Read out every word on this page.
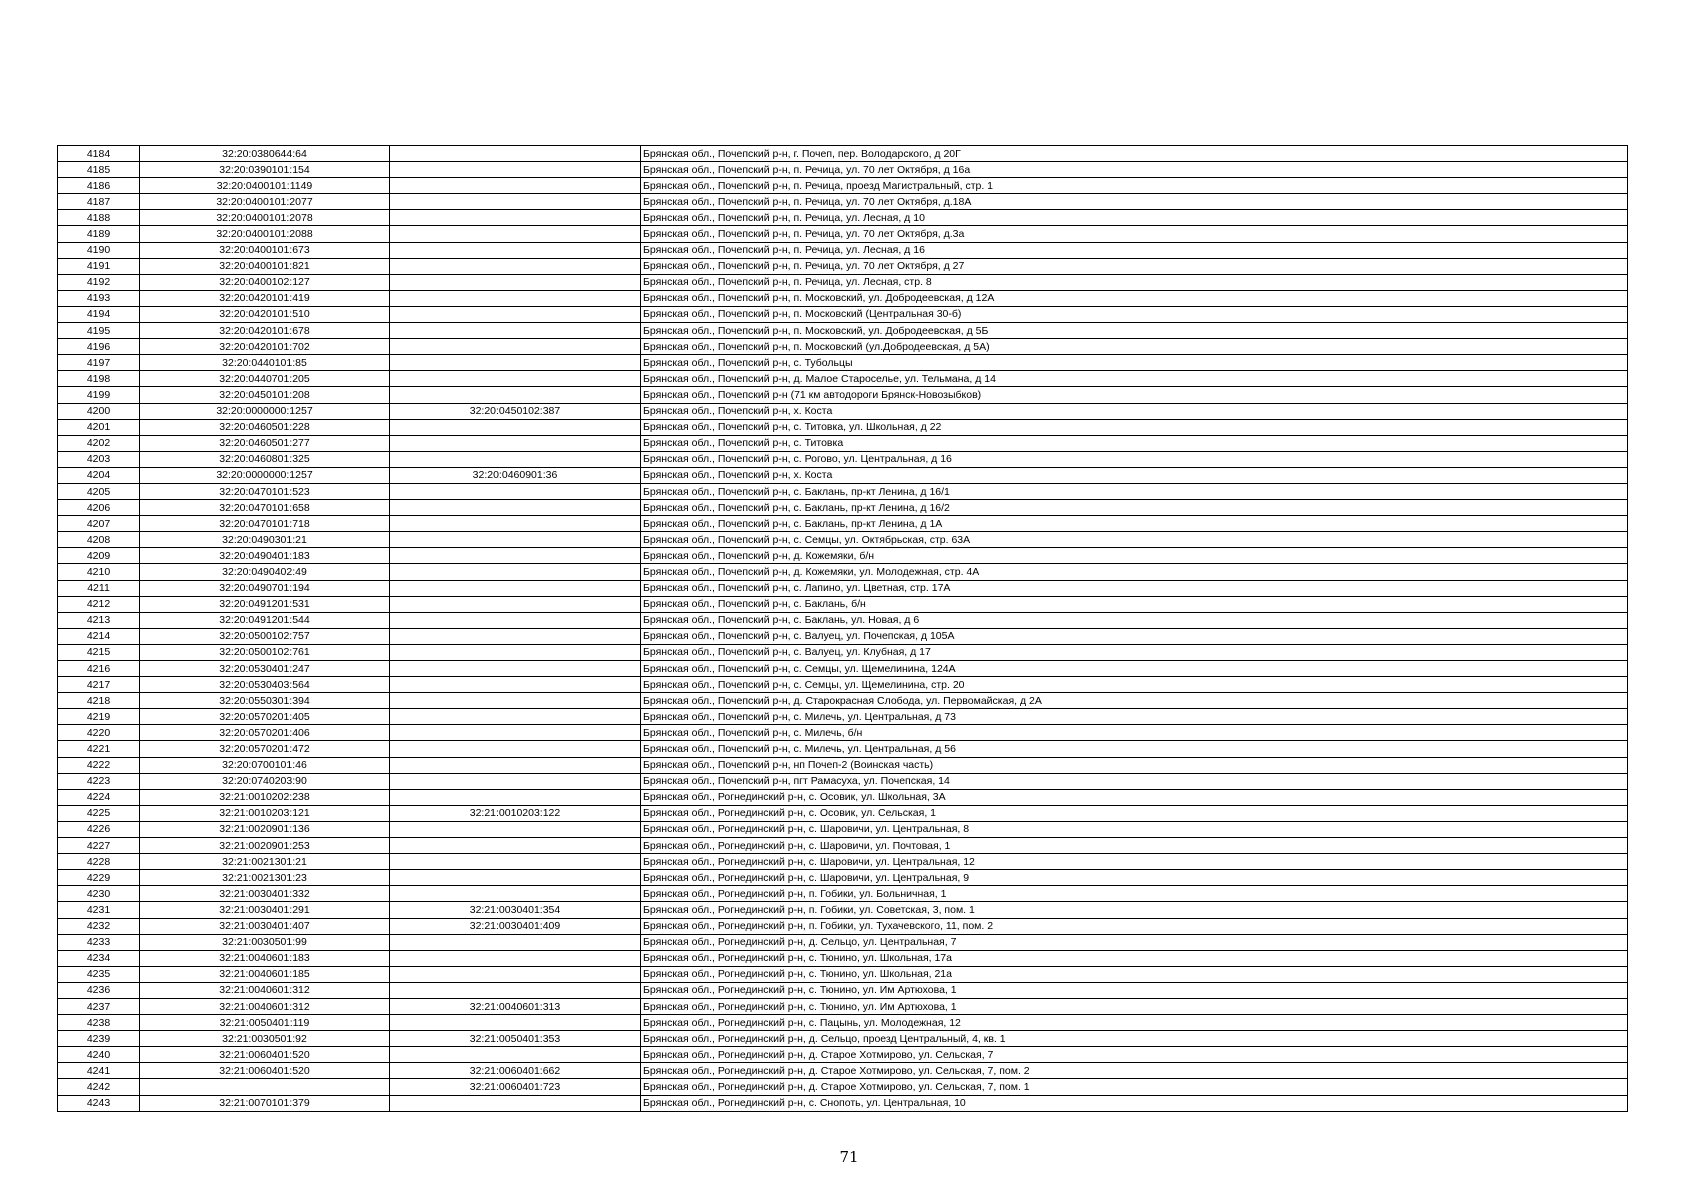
4184	32:20:0380644:64		Брянская обл., Почепский р-н, г. Почеп, пер. Володарского, д 20Г
4185	32:20:0390101:154		Брянская обл., Почепский р-н, п. Речица, ул. 70 лет Октября, д 16а
4186	32:20:0400101:1149		Брянская обл., Почепский р-н, п. Речица, проезд Магистральный, стр. 1
4187	32:20:0400101:2077		Брянская обл., Почепский р-н, п. Речица, ул. 70 лет Октября, д.18А
4188	32:20:0400101:2078		Брянская обл., Почепский р-н, п. Речица, ул. Лесная, д 10
4189	32:20:0400101:2088		Брянская обл., Почепский р-н, п. Речица, ул. 70 лет Октября, д.3а
4190	32:20:0400101:673		Брянская обл., Почепский р-н, п. Речица, ул. Лесная, д 16
4191	32:20:0400101:821		Брянская обл., Почепский р-н, п. Речица, ул. 70 лет Октября, д 27
4192	32:20:0400102:127		Брянская обл., Почепский р-н, п. Речица, ул. Лесная, стр. 8
4193	32:20:0420101:419		Брянская обл., Почепский р-н, п. Московский, ул. Добродеевская, д 12А
4194	32:20:0420101:510		Брянская обл., Почепский р-н, п. Московский (Центральная 30-б)
4195	32:20:0420101:678		Брянская обл., Почепский р-н, п. Московский, ул. Добродеевская, д 5Б
4196	32:20:0420101:702		Брянская обл., Почепский р-н, п. Московский (ул.Добродеевская, д 5А)
4197	32:20:0440101:85		Брянская обл., Почепский р-н, с. Тубольцы
4198	32:20:0440701:205		Брянская обл., Почепский р-н, д. Малое Староселье, ул. Тельмана, д 14
4199	32:20:0450101:208		Брянская обл., Почепский р-н (71 км автодороги Брянск-Новозыбков)
4200	32:20:0000000:1257	32:20:0450102:387	Брянская обл., Почепский р-н, х. Коста
4201	32:20:0460501:228		Брянская обл., Почепский р-н, с. Титовка, ул. Школьная, д 22
4202	32:20:0460501:277		Брянская обл., Почепский р-н, с. Титовка
4203	32:20:0460801:325		Брянская обл., Почепский р-н, с. Рогово, ул. Центральная, д 16
4204	32:20:0000000:1257	32:20:0460901:36	Брянская обл., Почепский р-н, х. Коста
4205	32:20:0470101:523		Брянская обл., Почепский р-н, с. Баклань, пр-кт Ленина, д 16/1
4206	32:20:0470101:658		Брянская обл., Почепский р-н, с. Баклань, пр-кт Ленина, д 16/2
4207	32:20:0470101:718		Брянская обл., Почепский р-н, с. Баклань, пр-кт Ленина, д 1А
4208	32:20:0490301:21		Брянская обл., Почепский р-н, с. Семцы, ул. Октябрьская, стр. 63А
4209	32:20:0490401:183		Брянская обл., Почепский р-н, д. Кожемяки, б/н
4210	32:20:0490402:49		Брянская обл., Почепский р-н, д. Кожемяки, ул. Молодежная, стр. 4А
4211	32:20:0490701:194		Брянская обл., Почепский р-н, с. Лапино, ул. Цветная, стр. 17А
4212	32:20:0491201:531		Брянская обл., Почепский р-н, с. Баклань, б/н
4213	32:20:0491201:544		Брянская обл., Почепский р-н, с. Баклань, ул. Новая, д 6
4214	32:20:0500102:757		Брянская обл., Почепский р-н, с. Валуец, ул. Почепская, д 105А
4215	32:20:0500102:761		Брянская обл., Почепский р-н, с. Валуец, ул. Клубная, д 17
4216	32:20:0530401:247		Брянская обл., Почепский р-н, с. Семцы, ул. Щемелинина, 124А
4217	32:20:0530403:564		Брянская обл., Почепский р-н, с. Семцы, ул. Щемелинина, стр. 20
4218	32:20:0550301:394		Брянская обл., Почепский р-н, д. Старокрасная Слобода, ул. Первомайская, д 2А
4219	32:20:0570201:405		Брянская обл., Почепский р-н, с. Милечь, ул. Центральная, д 73
4220	32:20:0570201:406		Брянская обл., Почепский р-н, с. Милечь, б/н
4221	32:20:0570201:472		Брянская обл., Почепский р-н, с. Милечь, ул. Центральная, д 56
4222	32:20:0700101:46		Брянская обл., Почепский р-н, нп Почеп-2 (Воинская часть)
4223	32:20:0740203:90		Брянская обл., Почепский р-н, пгт Рамасуха, ул. Почепская, 14
4224	32:21:0010202:238		Брянская обл., Рогнединский р-н, с. Осовик, ул. Школьная, 3А
4225	32:21:0010203:121	32:21:0010203:122	Брянская обл., Рогнединский р-н, с. Осовик, ул. Сельская, 1
4226	32:21:0020901:136		Брянская обл., Рогнединский р-н, с. Шаровичи, ул. Центральная, 8
4227	32:21:0020901:253		Брянская обл., Рогнединский р-н, с. Шаровичи, ул. Почтовая, 1
4228	32:21:0021301:21		Брянская обл., Рогнединский р-н, с. Шаровичи, ул. Центральная, 12
4229	32:21:0021301:23		Брянская обл., Рогнединский р-н, с. Шаровичи, ул. Центральная, 9
4230	32:21:0030401:332		Брянская обл., Рогнединский р-н, п. Гобики, ул. Больничная, 1
4231	32:21:0030401:291	32:21:0030401:354	Брянская обл., Рогнединский р-н, п. Гобики, ул. Советская, 3, пом. 1
4232	32:21:0030401:407	32:21:0030401:409	Брянская обл., Рогнединский р-н, п. Гобики, ул. Тухачевского, 11, пом. 2
4233	32:21:0030501:99		Брянская обл., Рогнединский р-н, д. Сельцо, ул. Центральная, 7
4234	32:21:0040601:183		Брянская обл., Рогнединский р-н, с. Тюнино, ул. Школьная, 17а
4235	32:21:0040601:185		Брянская обл., Рогнединский р-н, с. Тюнино, ул. Школьная, 21а
4236	32:21:0040601:312		Брянская обл., Рогнединский р-н, с. Тюнино, ул. Им Артюхова, 1
4237	32:21:0040601:312	32:21:0040601:313	Брянская обл., Рогнединский р-н, с. Тюнино, ул. Им Артюхова, 1
4238	32:21:0050401:119		Брянская обл., Рогнединский р-н, с. Пацынь, ул. Молодежная, 12
4239	32:21:0030501:92	32:21:0050401:353	Брянская обл., Рогнединский р-н, д. Сельцо, проезд Центральный, 4, кв. 1
4240	32:21:0060401:520		Брянская обл., Рогнединский р-н, д. Старое Хотмирово, ул. Сельская, 7
4241	32:21:0060401:520	32:21:0060401:662	Брянская обл., Рогнединский р-н, д. Старое Хотмирово, ул. Сельская, 7, пом. 2
4242		32:21:0060401:723	Брянская обл., Рогнединский р-н, д. Старое Хотмирово, ул. Сельская, 7, пом. 1
4243	32:21:0070101:379		Брянская обл., Рогнединский р-н, с. Снопоть, ул. Центральная, 10
71
